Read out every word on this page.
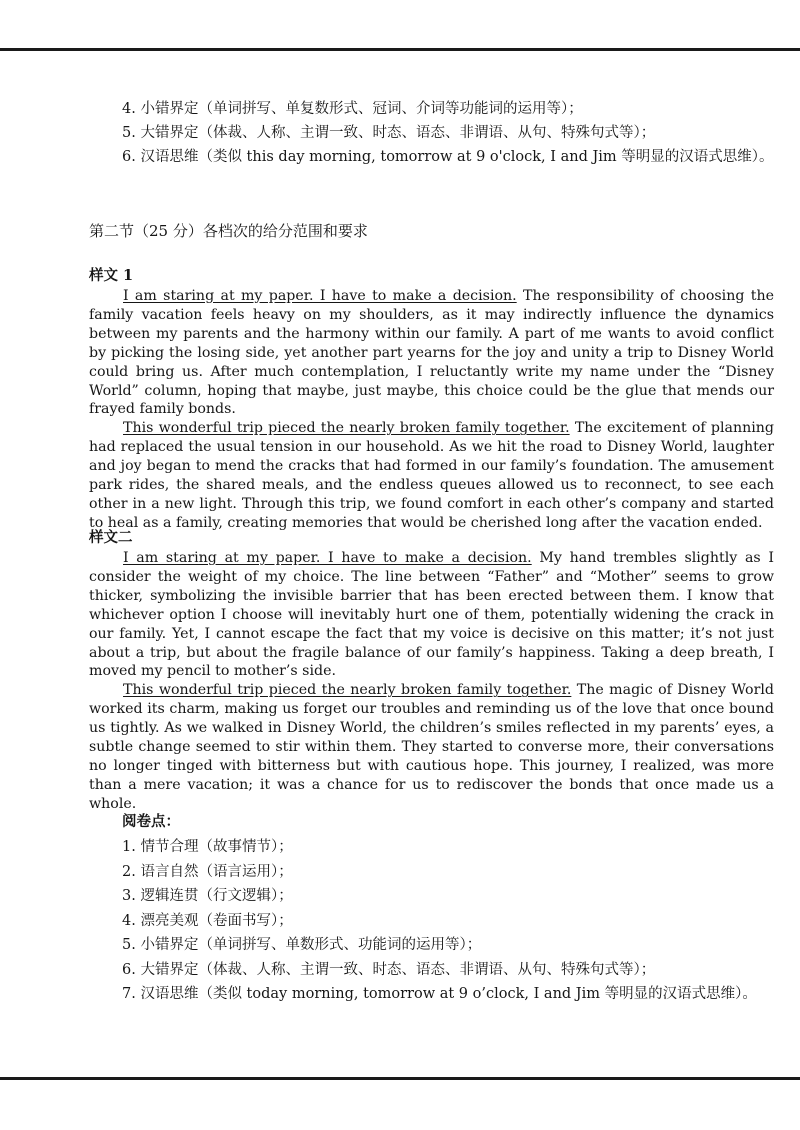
4. 小错界定（单词拼写、单复数形式、冠词、介词等功能词的运用等）；
5. 大错界定（体裁、人称、主谓一致、时态、语态、非谓语、从句、特殊句式等）；
6. 汉语思维（类似 this day morning, tomorrow at 9 o'clock, I and Jim 等明显的汉语式思维）。
第二节（25 分）各档次的给分范围和要求
样文 1

I am staring at my paper. I have to make a decision. The responsibility of choosing the family vacation feels heavy on my shoulders, as it may indirectly influence the dynamics between my parents and the harmony within our family. A part of me wants to avoid conflict by picking the losing side, yet another part yearns for the joy and unity a trip to Disney World could bring us. After much contemplation, I reluctantly write my name under the “Disney World” column, hoping that maybe, just maybe, this choice could be the glue that mends our frayed family bonds.

This wonderful trip pieced the nearly broken family together. The excitement of planning had replaced the usual tension in our household. As we hit the road to Disney World, laughter and joy began to mend the cracks that had formed in our family’s foundation. The amusement park rides, the shared meals, and the endless queues allowed us to reconnect, to see each other in a new light. Through this trip, we found comfort in each other’s company and started to heal as a family, creating memories that would be cherished long after the vacation ended.

样文二

I am staring at my paper. I have to make a decision. My hand trembles slightly as I consider the weight of my choice. The line between “Father” and “Mother” seems to grow thicker, symbolizing the invisible barrier that has been erected between them. I know that whichever option I choose will inevitably hurt one of them, potentially widening the crack in our family. Yet, I cannot escape the fact that my voice is decisive on this matter; it’s not just about a trip, but about the fragile balance of our family’s happiness. Taking a deep breath, I moved my pencil to mother’s side.

This wonderful trip pieced the nearly broken family together. The magic of Disney World worked its charm, making us forget our troubles and reminding us of the love that once bound us tightly. As we walked in Disney World, the children’s smiles reflected in my parents’ eyes, a subtle change seemed to stir within them. They started to converse more, their conversations no longer tinged with bitterness but with cautious hope. This journey, I realized, was more than a mere vacation; it was a chance for us to rediscover the bonds that once made us a whole.

阅卷点：
1. 情节合理（故事情节）；
2. 语言自然（语言运用）；
3. 逻辑连贯（行文逻辑）；
4. 漂亮美观（卷面书写）；
5. 小错界定（单词拼写、单数形式、功能词的运用等）；
6. 大错界定（体裁、人称、主谓一致、时态、语态、非谓语、从句、特殊句式等）；
7. 汉语思维（类似 today morning, tomorrow at 9 o’clock, I and Jim 等明显的汉语式思维）。
